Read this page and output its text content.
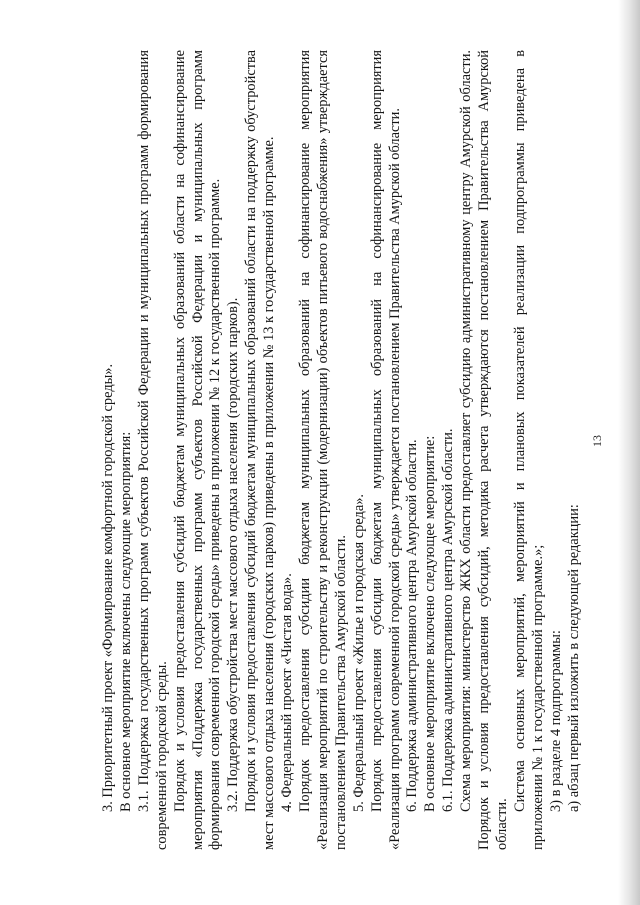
13

3. Приоритетный проект «Формирование комфортной городской среды». В основное мероприятие включены следующие мероприятия: 3.1. Поддержка государственных программ субъектов Российской Федерации и муниципальных программ формирования современной городской среды. Порядок и условия предоставления субсидий бюджетам муниципальных образований области на софинансирование мероприятия «Поддержка государственных программ субъектов Российской Федерации и муниципальных программ формирования современной городской среды» приведены в приложении № 12 к государственной программе. 3.2. Поддержка обустройства мест массового отдыха населения (городских парков). Порядок и условия предоставления субсидий бюджетам муниципальных образований области на поддержку обустройства мест массового отдыха населения (городских парков) приведены в приложении № 13 к государственной программе. 4. Федеральный проект «Чистая вода». Порядок предоставления субсидии бюджетам муниципальных образований на софинансирование мероприятия «Реализация мероприятий по строительству и реконструкции (модернизации) объектов питьевого водоснабжения» утверждается постановлением Правительства Амурской области. 5. Федеральный проект «Жилье и городская среда». Порядок предоставления субсидии бюджетам муниципальных образований на софинансирование мероприятия «Реализация программ современной городской среды» утверждается постановлением Правительства Амурской области. 6. Поддержка административного центра Амурской области. В основное мероприятие включено следующее мероприятие: 6.1. Поддержка административного центра Амурской области. Схема мероприятия: министерство ЖКХ области предоставляет субсидию административному центру Амурской области. Порядок и условия предоставления субсидий, методика расчета утверждаются постановлением Правительства Амурской области.

Система основных мероприятий, мероприятий и плановых показателей реализации подпрограммы приведена в приложении № 1 к государственной программе.»; 3) в разделе 4 подпрограммы: а) абзац первый изложить в следующей редакции:
